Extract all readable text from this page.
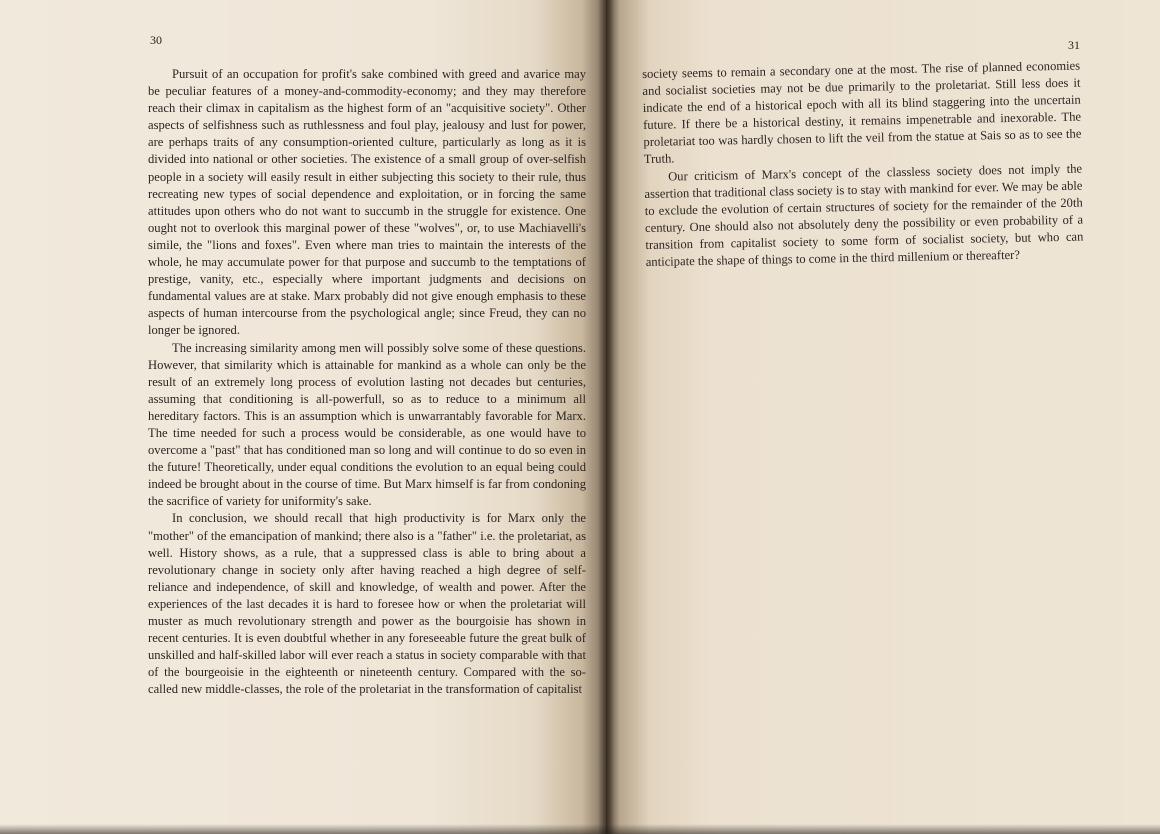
30

Pursuit of an occupation for profit's sake combined with greed and avarice may be peculiar features of a money-and-commodity-economy; and they may therefore reach their climax in capitalism as the highest form of an "acquisitive society". Other aspects of selfishness such as ruthlessness and foul play, jealousy and lust for power, are perhaps traits of any consumption-oriented culture, particularly as long as it is divided into national or other societies. The existence of a small group of over-selfish people in a society will easily result in either subjecting this society to their rule, thus recreating new types of social dependence and exploitation, or in forcing the same attitudes upon others who do not want to succumb in the struggle for existence. One ought not to overlook this marginal power of these "wolves", or, to use Machiavelli's simile, the "lions and foxes". Even where man tries to maintain the interests of the whole, he may accumulate power for that purpose and succumb to the temptations of prestige, vanity, etc., especially where important judgments and decisions on fundamental values are at stake. Marx probably did not give enough emphasis to these aspects of human intercourse from the psychological angle; since Freud, they can no longer be ignored.

The increasing similarity among men will possibly solve some of these questions. However, that similarity which is attainable for mankind as a whole can only be the result of an extremely long process of evolution lasting not decades but centuries, assuming that conditioning is all-powerfull, so as to reduce to a minimum all hereditary factors. This is an assumption which is unwarrantably favorable for Marx. The time needed for such a process would be considerable, as one would have to overcome a "past" that has conditioned man so long and will continue to do so even in the future! Theoretically, under equal conditions the evolution to an equal being could indeed be brought about in the course of time. But Marx himself is far from condoning the sacrifice of variety for uniformity's sake.

In conclusion, we should recall that high productivity is for Marx only the "mother" of the emancipation of mankind; there also is a "father" i.e. the proletariat, as well. History shows, as a rule, that a suppressed class is able to bring about a revolutionary change in society only after having reached a high degree of self-reliance and independence, of skill and knowledge, of wealth and power. After the experiences of the last decades it is hard to foresee how or when the proletariat will muster as much revolutionary strength and power as the bourgoisie has shown in recent centuries. It is even doubtful whether in any foreseeable future the great bulk of unskilled and half-skilled labor will ever reach a status in society comparable with that of the bourgeoisie in the eighteenth or nineteenth century. Compared with the so-called new middle-classes, the role of the proletariat in the transformation of capitalist

31

society seems to remain a secondary one at the most. The rise of planned economies and socialist societies may not be due primarily to the proletariat. Still less does it indicate the end of a historical epoch with all its blind staggering into the uncertain future. If there be a historical destiny, it remains impenetrable and inexorable. The proletariat too was hardly chosen to lift the veil from the statue at Sais so as to see the Truth.

Our criticism of Marx's concept of the classless society does not imply the assertion that traditional class society is to stay with mankind for ever. We may be able to exclude the evolution of certain structures of society for the remainder of the 20th century. One should also not absolutely deny the possibility or even probability of a transition from capitalist society to some form of socialist society, but who can anticipate the shape of things to come in the third millenium or thereafter?
